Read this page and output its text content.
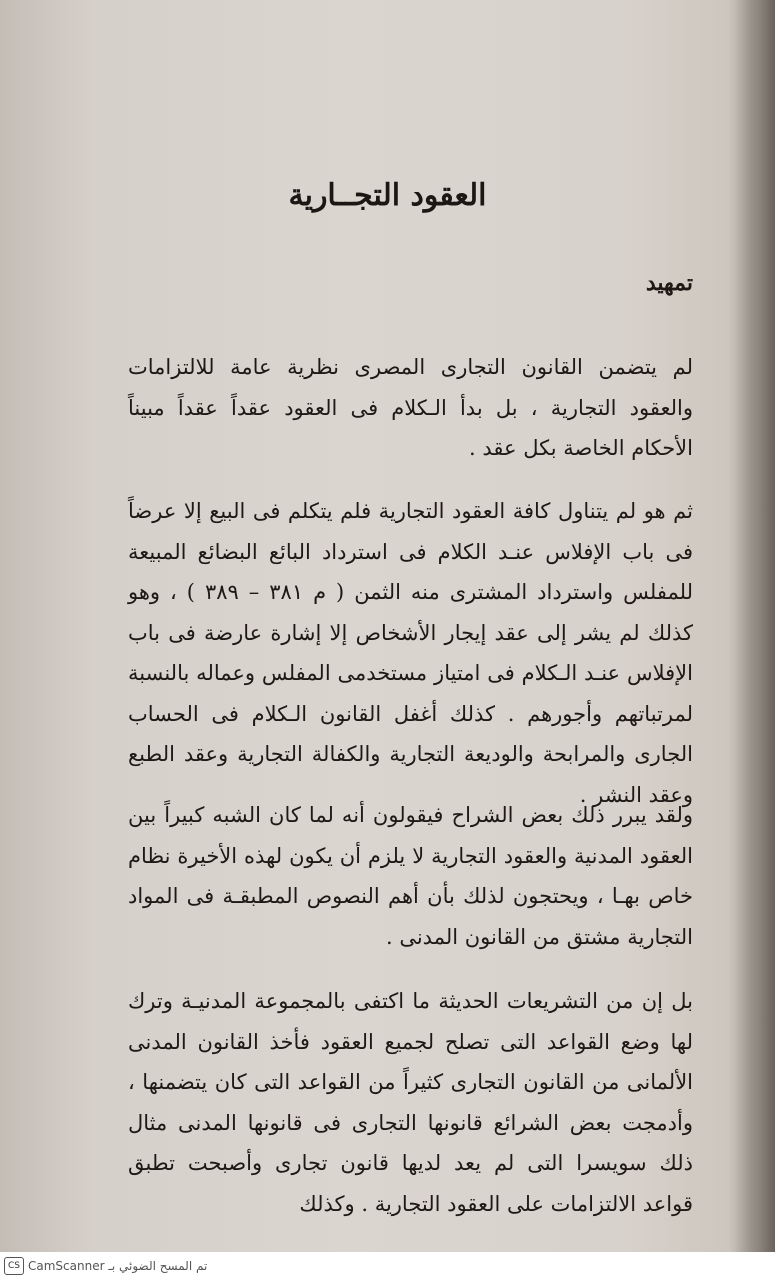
العقود التجــارية
تمهيد

لم يتضمن القانون التجارى المصرى نظرية عامة للالتزامات والعقود التجارية ، بل بدأ الـكلام فى العقود عقداً عقداً مبيناً الأحكام الخاصة بكل عقد .

ثم هو لم يتناول كافة العقود التجارية فلم يتكلم فى البيع إلا عرضاً فى باب الإفلاس عنـد الكلام فى استرداد البائع البضائع المبيعة للمفلس واسترداد المشترى منه الثمن ( م ٣٨١ – ٣٨٩ ) ، وهو كذلك لم يشر إلى عقد إيجار الأشخاص إلا إشارة عارضة فى باب الإفلاس عنـد الـكلام فى امتياز مستخدمى المفلس وعماله بالنسبة لمرتباتهم وأجورهم . كذلك أغفل القانون الـكلام فى الحساب الجارى والمرابحة والوديعة التجارية والكفالة التجارية وعقد الطبع وعقد النشر .

ولقد يبرر ذلك بعض الشراح فيقولون أنه لما كان الشبه كبيراً بين العقود المدنية والعقود التجارية لا يلزم أن يكون لهذه الأخيرة نظام خاص بهـا ، ويحتجون لذلك بأن أهم النصوص المطبقـة فى المواد التجارية مشتق من القانون المدنى .

بل إن من التشريعات الحديثة ما اكتفى بالمجموعة المدنيـة وترك لها وضع القواعد التى تصلح لجميع العقود فأخذ القانون المدنى الألمانى من القانون التجارى كثيراً من القواعد التى كان يتضمنها ، وأدمجت بعض الشرائع قانونها التجارى فى قانونها المدنى مثال ذلك سويسرا التى لم يعد لديها قانون تجارى وأصبحت تطبق قواعد الالتزامات على العقود التجارية . وكذلك

CS تم المسح الضوئي بـ CamScanner
